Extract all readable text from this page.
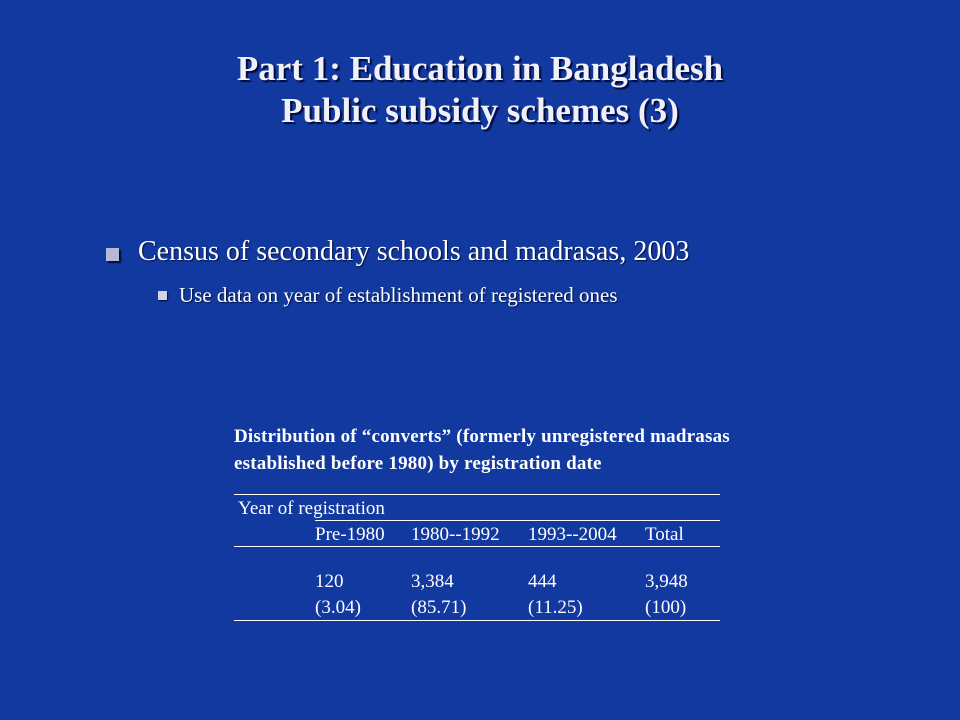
Part 1: Education in Bangladesh
Public subsidy schemes (3)
Census of secondary schools and madrasas, 2003
Use data on year of establishment of registered ones
Distribution of “converts” (formerly unregistered madrasas
established before 1980) by registration date
Year of registration
Pre-1980 1980--1992 1993--2004 Total
120	3,384	444	3,948
(3.04)	(85.71)	(11.25)	(100)
